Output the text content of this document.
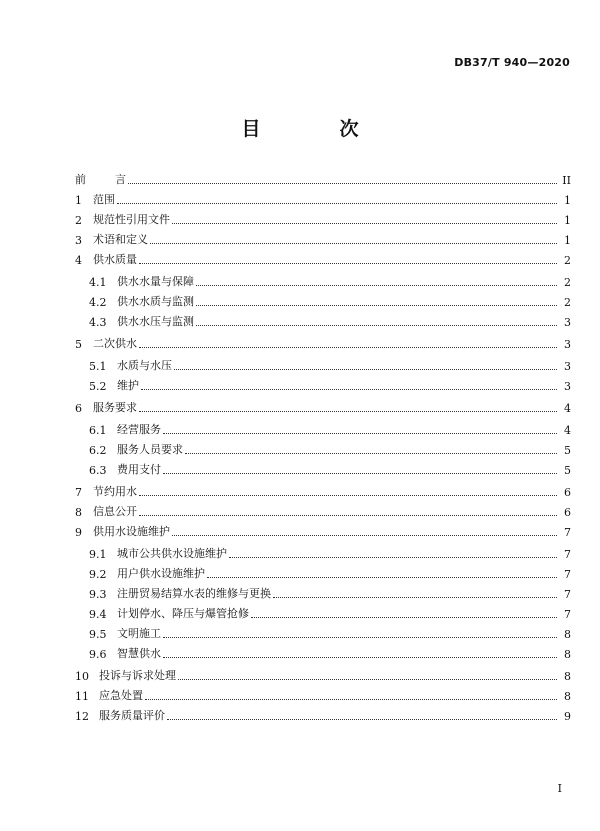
DB37/T 940—2020
目　次
前 　　言	II
1	范围	1
2	规范性引用文件	1
3	术语和定义	1
4	供水质量	2
4.1 供水水量与保障	2
4.2 供水水质与监测	2
4.3 供水水压与监测	3
5	二次供水	3
5.1 水质与水压	3
5.2 维护	3
6	服务要求	4
6.1 经营服务	4
6.2 服务人员要求	5
6.3 费用支付	5
7	节约用水	6
8	信息公开	6
9	供用水设施维护	7
9.1 城市公共供水设施维护	7
9.2 用户供水设施维护	7
9.3 注册贸易结算水表的维修与更换	7
9.4 计划停水、降压与爆管抢修	7
9.5 文明施工	8
9.6 智慧供水	8
10 投诉与诉求处理	8
11 应急处置	8
12 服务质量评价	9
I
